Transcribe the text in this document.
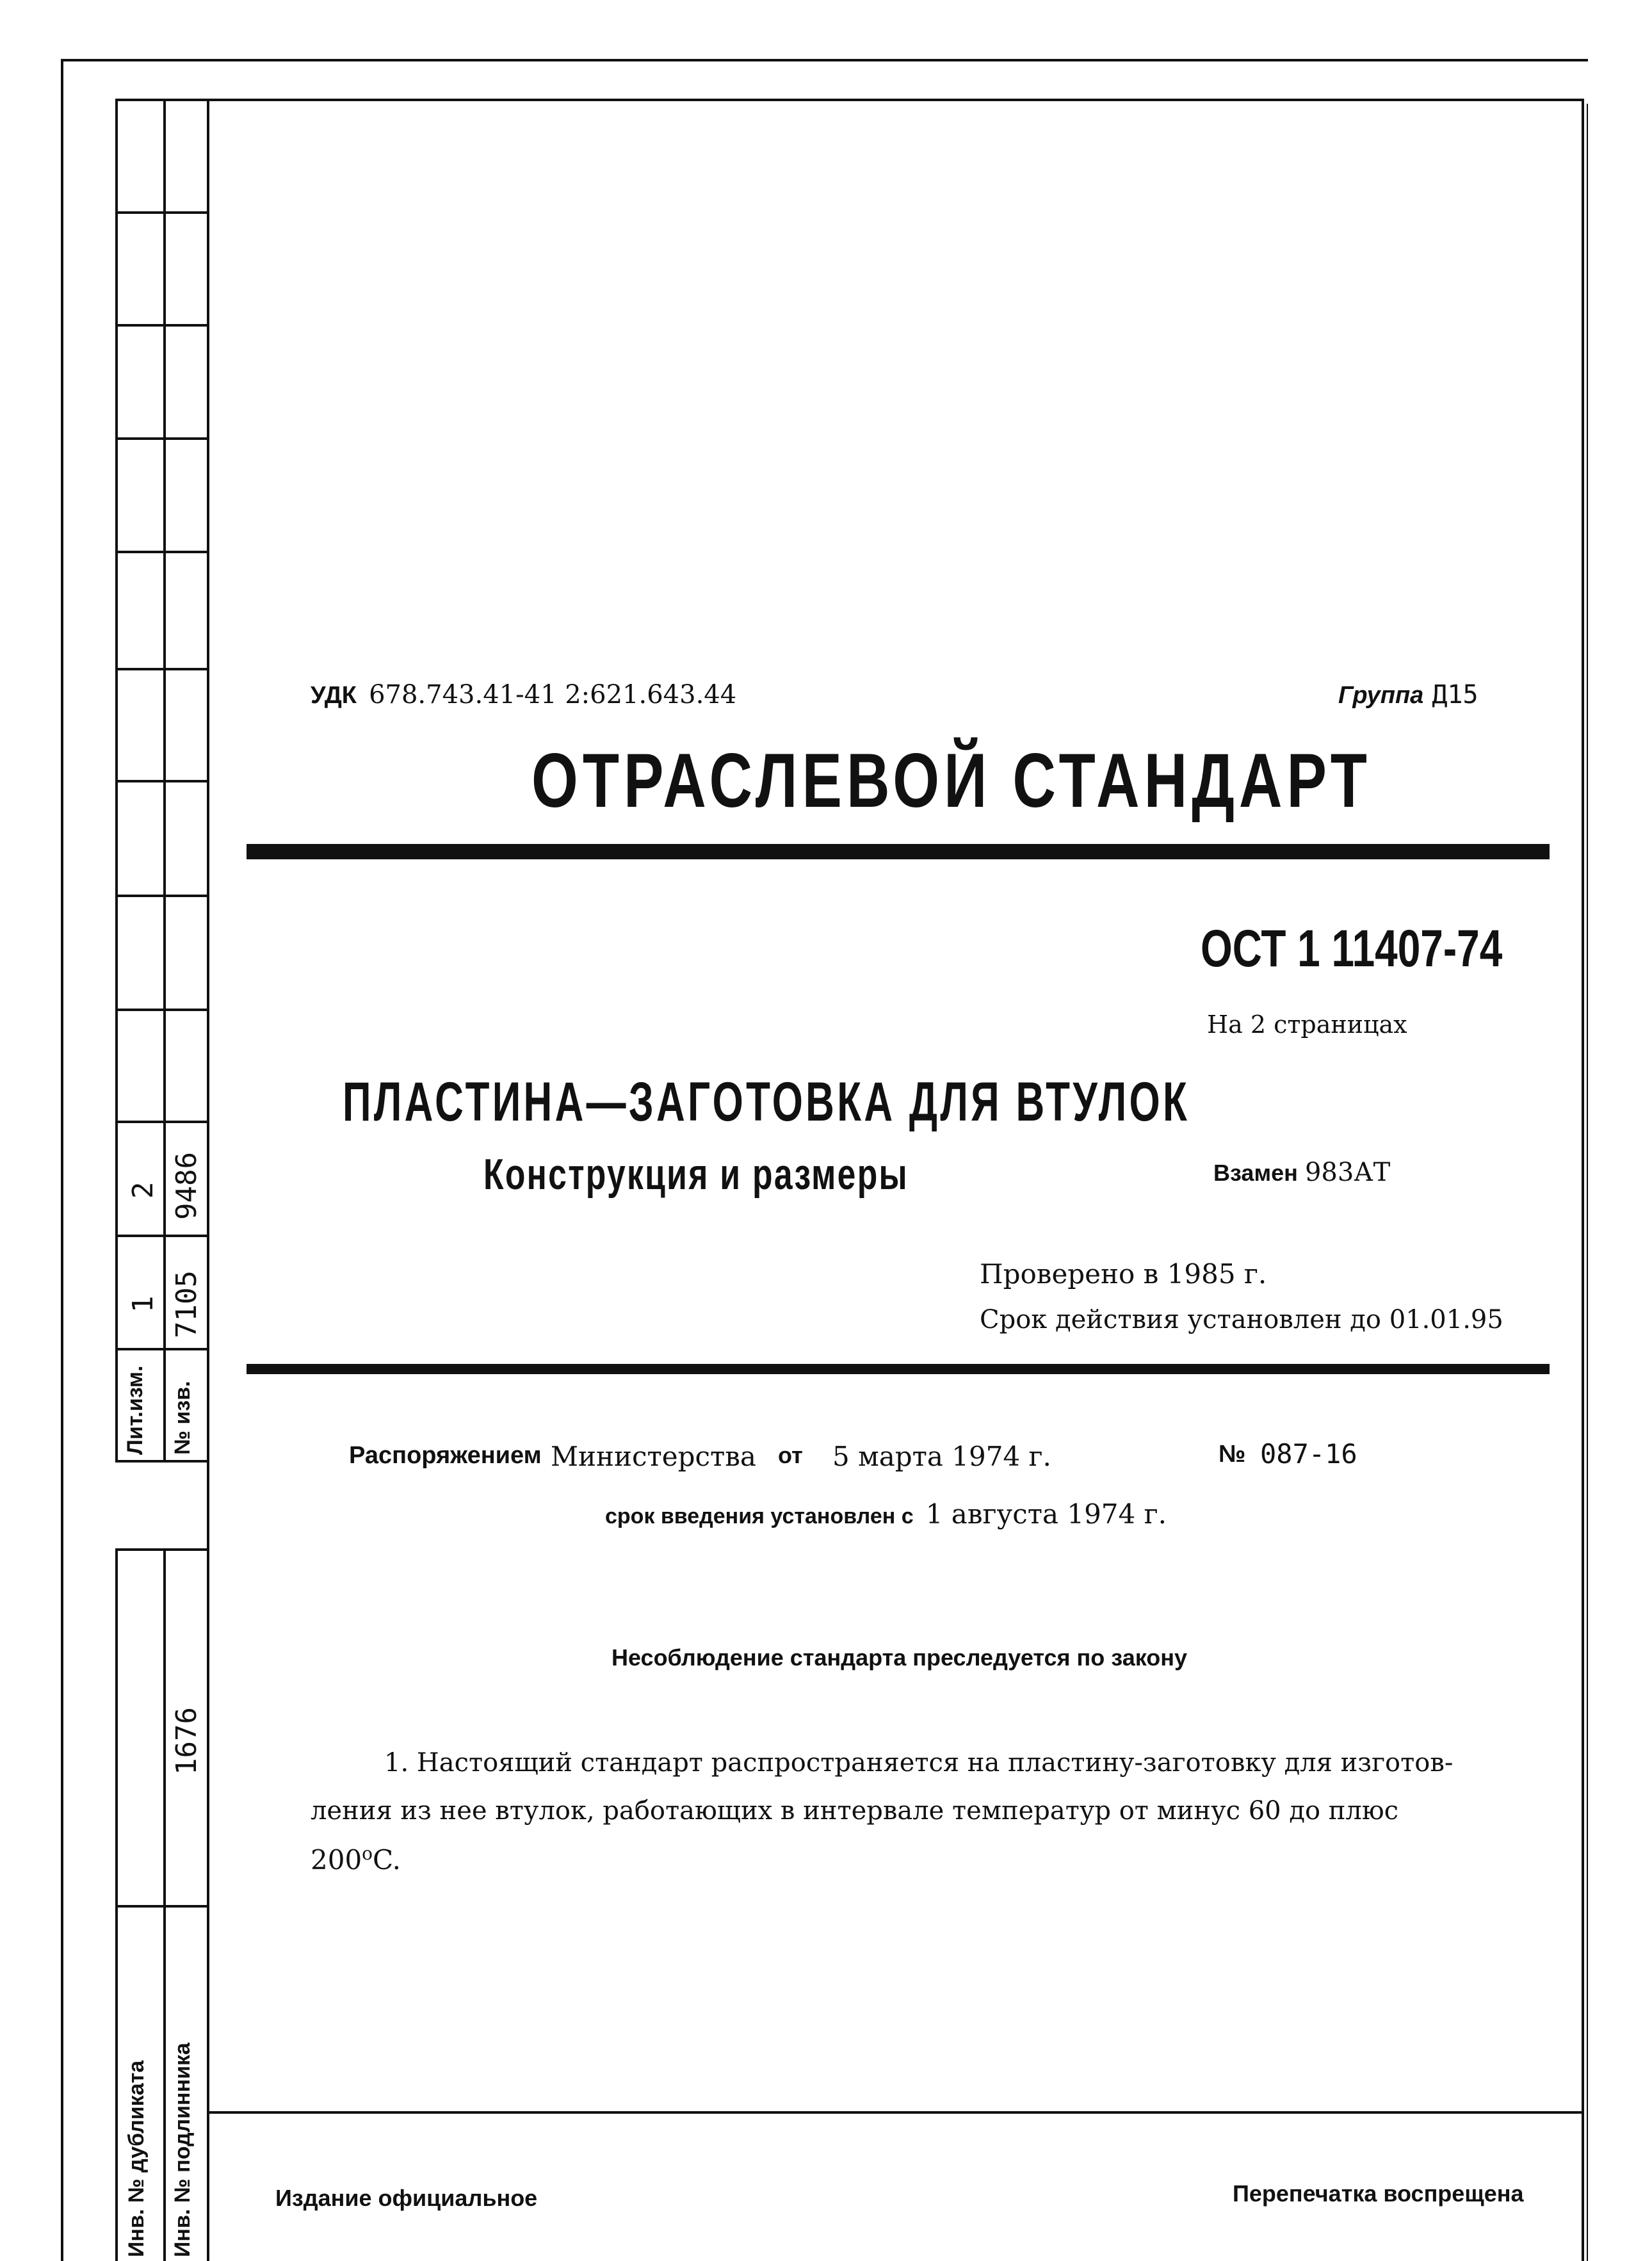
2 9486
1 7105
Лит.изм. № изв.
1676
Инв. № дубликата Инв. № подлинника
УДК 678.743.41-41 2:621.643.44	Группа Д15
ОТРАСЛЕВОЙ СТАНДАРТ
ОСТ 1 11407-74
На 2 страницах
ПЛАСТИНА—ЗАГОТОВКА ДЛЯ ВТУЛОК
Конструкция и размеры	Взамен 983АТ
Проверено в 1985 г.
Срок действия установлен до 01.01.95
Распоряжением Министерства от 5 марта 1974 г.	№ 087-16
срок введения установлен с 1 августа 1974 г.
Несоблюдение стандарта преследуется по закону
1. Настоящий стандарт распространяется на пластину-заготовку для изготов-
ления из нее втулок, работающих в интервале температур от минус 60 до плюс
200$^o$C.
Издание официальное	Перепечатка воспрещена
